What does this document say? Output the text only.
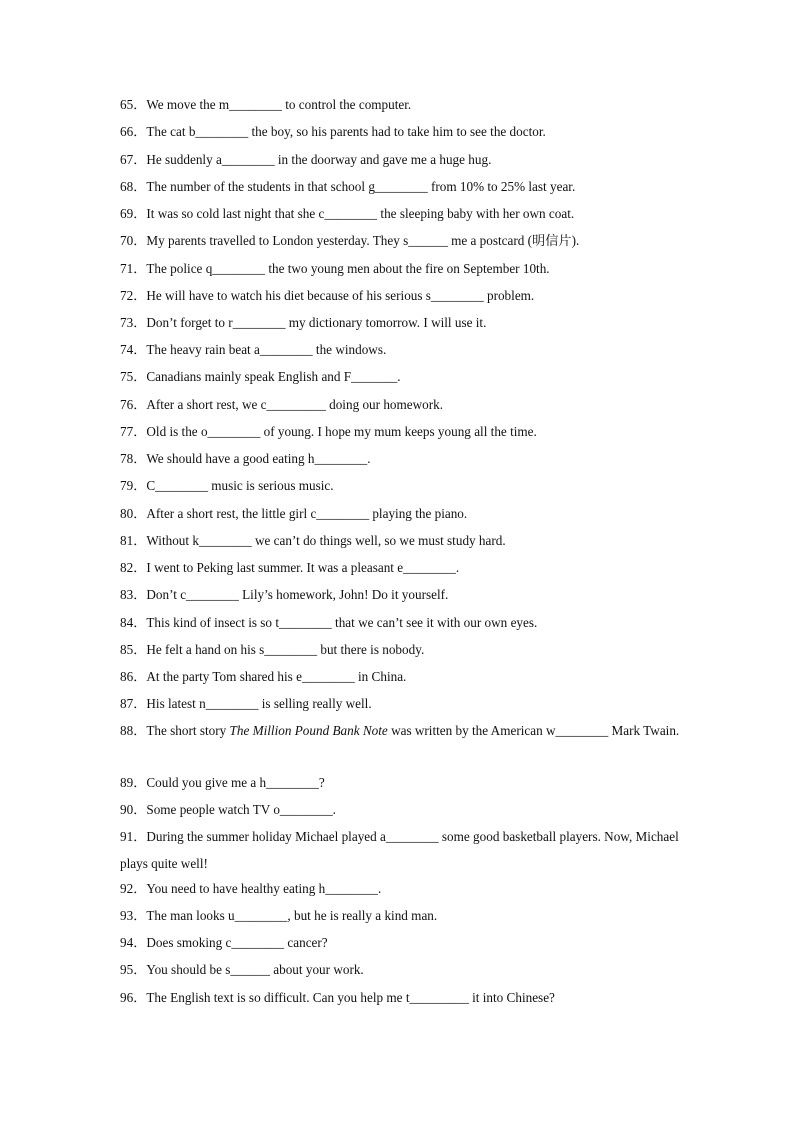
65．We move the m________ to control the computer.
66．The cat b________ the boy, so his parents had to take him to see the doctor.
67．He suddenly a________ in the doorway and gave me a huge hug.
68．The number of the students in that school g________ from 10% to 25% last year.
69．It was so cold last night that she c________ the sleeping baby with her own coat.
70．My parents travelled to London yesterday. They s______ me a postcard (明信片).
71．The police q________ the two young men about the fire on September 10th.
72．He will have to watch his diet because of his serious s________ problem.
73．Don’t forget to r________ my dictionary tomorrow. I will use it.
74．The heavy rain beat a________ the windows.
75．Canadians mainly speak English and F_______.
76．After a short rest, we c_________ doing our homework.
77．Old is the o________ of young. I hope my mum keeps young all the time.
78．We should have a good eating h________.
79．C________ music is serious music.
80．After a short rest, the little girl c________ playing the piano.
81．Without k________ we can’t do things well, so we must study hard.
82．I went to Peking last summer. It was a pleasant e________.
83．Don’t c________ Lily’s homework, John! Do it yourself.
84．This kind of insect is so t________ that we can’t see it with our own eyes.
85．He felt a hand on his s________ but there is nobody.
86．At the party Tom shared his e________ in China.
87．His latest n________ is selling really well.
88．The short story The Million Pound Bank Note was written by the American w________ Mark Twain.
89．Could you give me a h________?
90．Some people watch TV o________.
91．During the summer holiday Michael played a________ some good basketball players. Now, Michael plays quite well!
92．You need to have healthy eating h________.
93．The man looks u________, but he is really a kind man.
94．Does smoking c________ cancer?
95．You should be s______ about your work.
96．The English text is so difficult. Can you help me t_________ it into Chinese?
